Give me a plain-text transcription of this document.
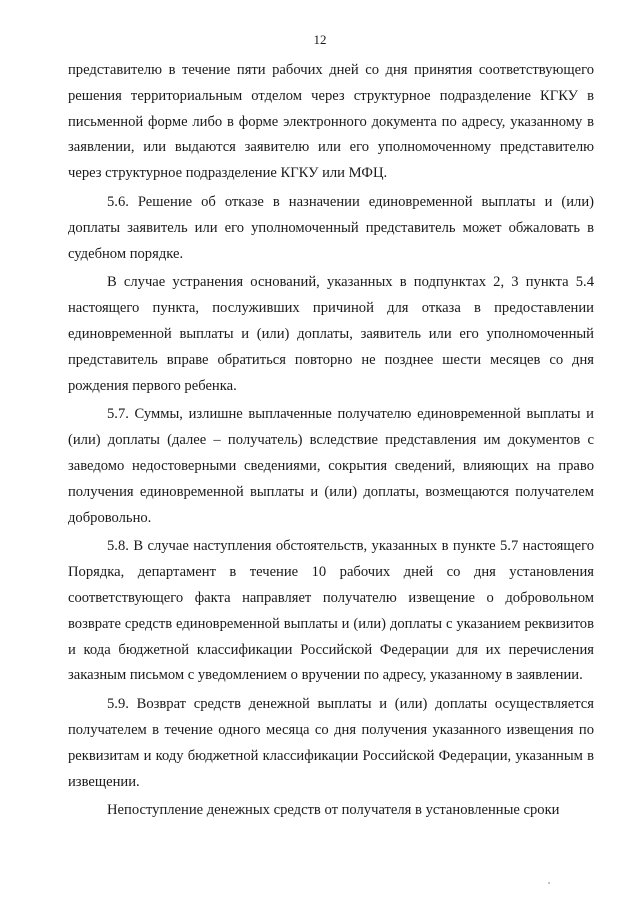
12

представителю в течение пяти рабочих дней со дня принятия соответствующего решения территориальным отделом через структурное подразделение КГКУ в письменной форме либо в форме электронного документа по адресу, указанному в заявлении, или выдаются заявителю или его уполномоченному представителю через структурное подразделение КГКУ или МФЦ.

5.6. Решение об отказе в назначении единовременной выплаты и (или) доплаты заявитель или его уполномоченный представитель может обжаловать в судебном порядке.

В случае устранения оснований, указанных в подпунктах 2, 3 пункта 5.4 настоящего пункта, послуживших причиной для отказа в предоставлении единовременной выплаты и (или) доплаты, заявитель или его уполномоченный представитель вправе обратиться повторно не позднее шести месяцев со дня рождения первого ребенка.

5.7. Суммы, излишне выплаченные получателю единовременной выплаты и (или) доплаты (далее – получатель) вследствие представления им документов с заведомо недостоверными сведениями, сокрытия сведений, влияющих на право получения единовременной выплаты и (или) доплаты, возмещаются получателем добровольно.

5.8. В случае наступления обстоятельств, указанных в пункте 5.7 настоящего Порядка, департамент в течение 10 рабочих дней со дня установления соответствующего факта направляет получателю извещение о добровольном возврате средств единовременной выплаты и (или) доплаты с указанием реквизитов и кода бюджетной классификации Российской Федерации для их перечисления заказным письмом с уведомлением о вручении по адресу, указанному в заявлении.

5.9. Возврат средств денежной выплаты и (или) доплаты осуществляется получателем в течение одного месяца со дня получения указанного извещения по реквизитам и коду бюджетной классификации Российской Федерации, указанным в извещении.

Непоступление денежных средств от получателя в установленные сроки
